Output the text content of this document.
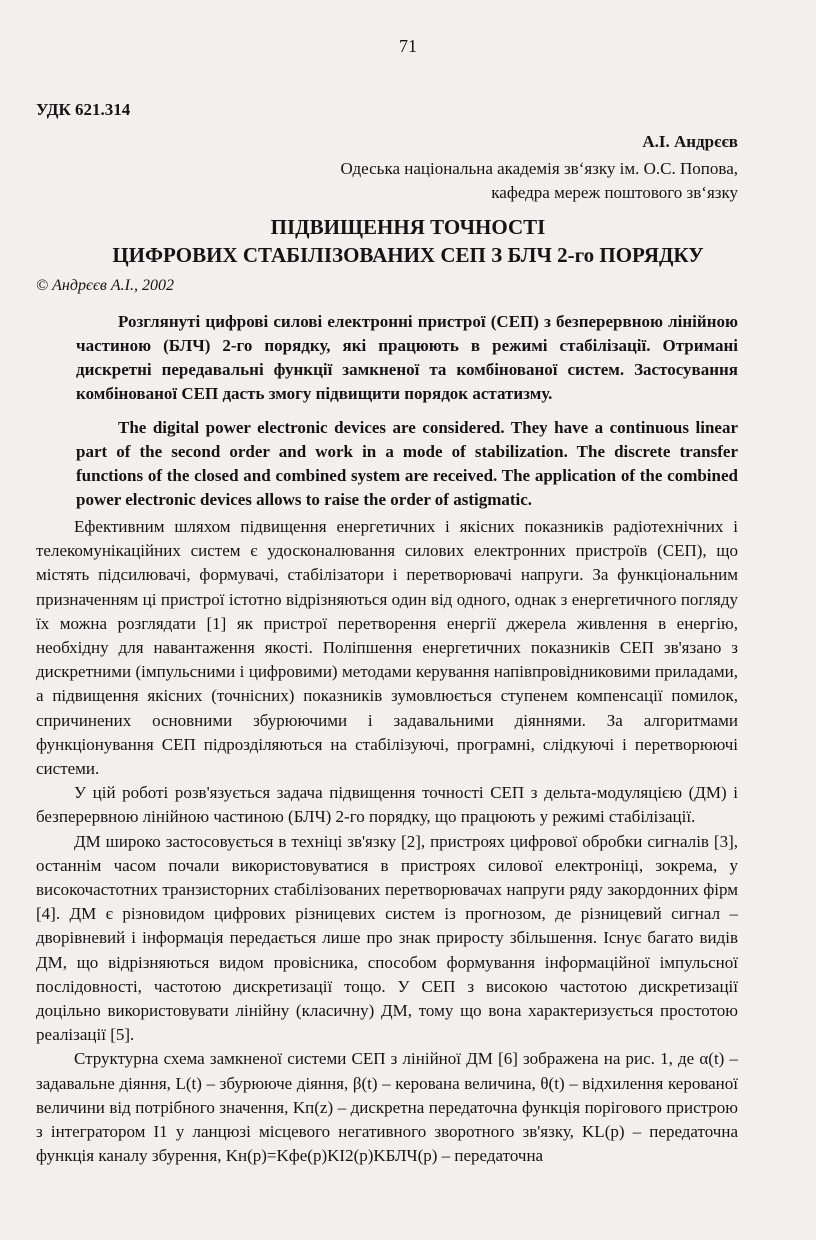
71
УДК 621.314
А.І. Андрєєв
Одеська національна академія зв‘язку ім. О.С. Попова,
кафедра мереж поштового зв‘язку
ПІДВИЩЕННЯ ТОЧНОСТІ
ЦИФРОВИХ СТАБІЛІЗОВАНИХ СЕП З БЛЧ 2-го ПОРЯДКУ
© Андрєєв А.І., 2002

Розглянуті цифрові силові електронні пристрої (СЕП) з безперервною лінійною частиною (БЛЧ) 2-го порядку, які працюють в режимі стабілізації. Отримані дискретні передавальні функції замкненої та комбінованої систем. Застосування комбінованої СЕП дасть змогу підвищити порядок астатизму.

The digital power electronic devices are considered. They have a continuous linear part of the second order and work in a mode of stabilization. The discrete transfer functions of the closed and combined system are received. The application of the combined power electronic devices allows to raise the order of astigmatic.

Ефективним шляхом підвищення енергетичних і якісних показників радіотехнічних і телекомунікаційних систем є удосконалювання силових електронних пристроїв (СЕП), що містять підсилювачі, формувачі, стабілізатори і перетворювачі напруги. За функціональним призначенням ці пристрої істотно відрізняються один від одного, однак з енергетичного погляду їх можна розглядати [1] як пристрої перетворення енергії джерела живлення в енергію, необхідну для навантаження якості. Поліпшення енергетичних показників СЕП зв'язано з дискретними (імпульсними і цифровими) методами керування напівпровідниковими приладами, а підвищення якісних (точнісних) показників зумовлюється ступенем компенсації помилок, спричинених основними збурюючими і задавальними діяннями. За алгоритмами функціонування СЕП підрозділяються на стабілізуючі, програмні, слідкуючі і перетворюючі системи.

У цій роботі розв'язується задача підвищення точності СЕП з дельта-модуляцією (ДМ) і безперервною лінійною частиною (БЛЧ) 2-го порядку, що працюють у режимі стабілізації.

ДМ широко застосовується в техніці зв'язку [2], пристроях цифрової обробки сигналів [3], останнім часом почали використовуватися в пристроях силової електроніці, зокрема, у високочастотних транзисторних стабілізованих перетворювачах напруги ряду закордонних фірм [4]. ДМ є різновидом цифрових різницевих систем із прогнозом, де різницевий сигнал – дворівневий і інформація передається лише про знак приросту збільшення. Існує багато видів ДМ, що відрізняються видом провісника, способом формування інформаційної імпульсної послідовності, частотою дискретизації тощо. У СЕП з високою частотою дискретизації доцільно використовувати лінійну (класичну) ДМ, тому що вона характеризується простотою реалізації [5].

Структурна схема замкненої системи СЕП з лінійної ДМ [6] зображена на рис. 1, де α(t) – задавальне діяння, L(t) – збурююче діяння, β(t) – керована величина, θ(t) – відхилення керованої величини від потрібного значення, Kп(z) – дискретна передаточна функція порігового пристрою з інтегратором І1 у ланцюзі місцевого негативного зворотного зв'язку, KL(p) – передаточна функція каналу збурення, Kн(p)=Kфе(p)KІ2(p)KБЛЧ(p) – передаточна
